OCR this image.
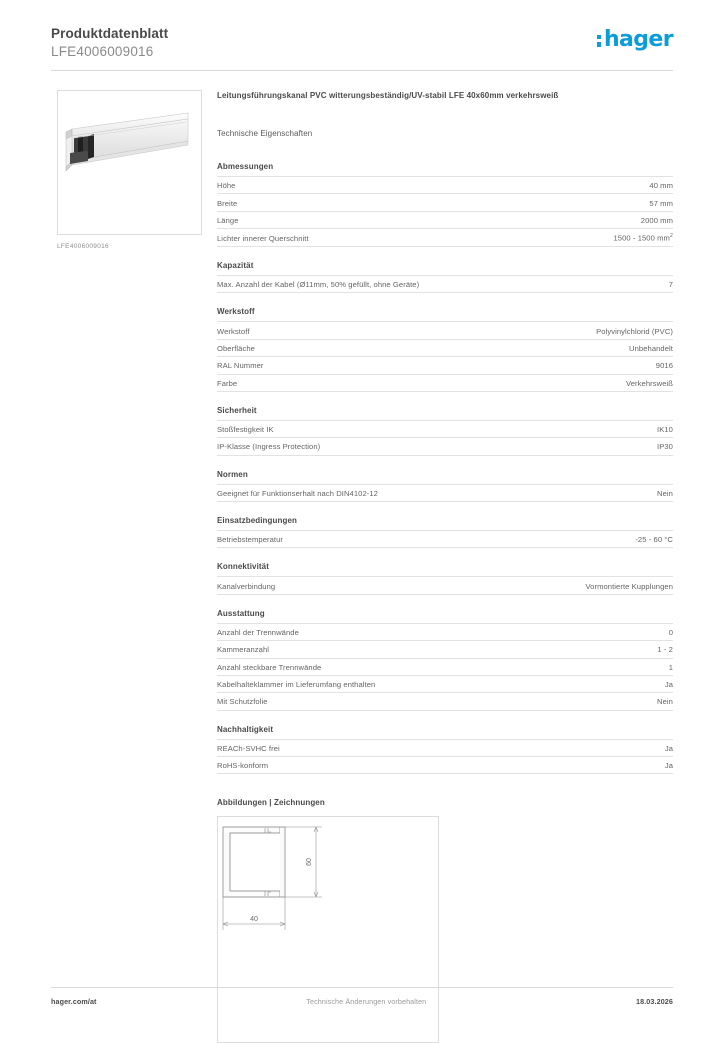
Produktdatenblatt
LFE4006009016	hager
LFE4006009016
Leitungsführungskanal PVC witterungsbeständig/UV-stabil LFE 40x60mm verkehrsweiß
Technische Eigenschaften
Abmessungen
Höhe	40 mm
Breite	57 mm
Länge	2000 mm
Lichter innerer Querschnitt	1500 - 1500 $mm^2$
Kapazität
Max. Anzahl der Kabel (Ø11mm, 50% gefüllt, ohne Geräte)	7
Werkstoff
Werkstoff	Polyvinylchlorid (PVC)
Oberfläche	Unbehandelt
RAL Nummer	9016
Farbe	Verkehrsweiß
Sicherheit
Stoßfestigkeit IK	IK10
IP-Klasse (Ingress Protection)	IP30
Normen
Geeignet für Funktionserhalt nach DIN4102-12	Nein
Einsatzbedingungen
Betriebstemperatur	-25 - 60 °C
Konnektivität
Kanalverbindung	Vormontierte Kupplungen
Ausstattung
Anzahl der Trennwände	0
Kammeranzahl	1 - 2
Anzahl steckbare Trennwände	1
Kabelhalteklammer im Lieferumfang enthalten	Ja
Mit Schutzfolie	Nein
Nachhaltigkeit
REACh-SVHC frei	Ja
RoHS-konform	Ja
Abbildungen | Zeichnungen
60
40
hager.com/at	Technische Änderungen vorbehalten	18.03.2026
